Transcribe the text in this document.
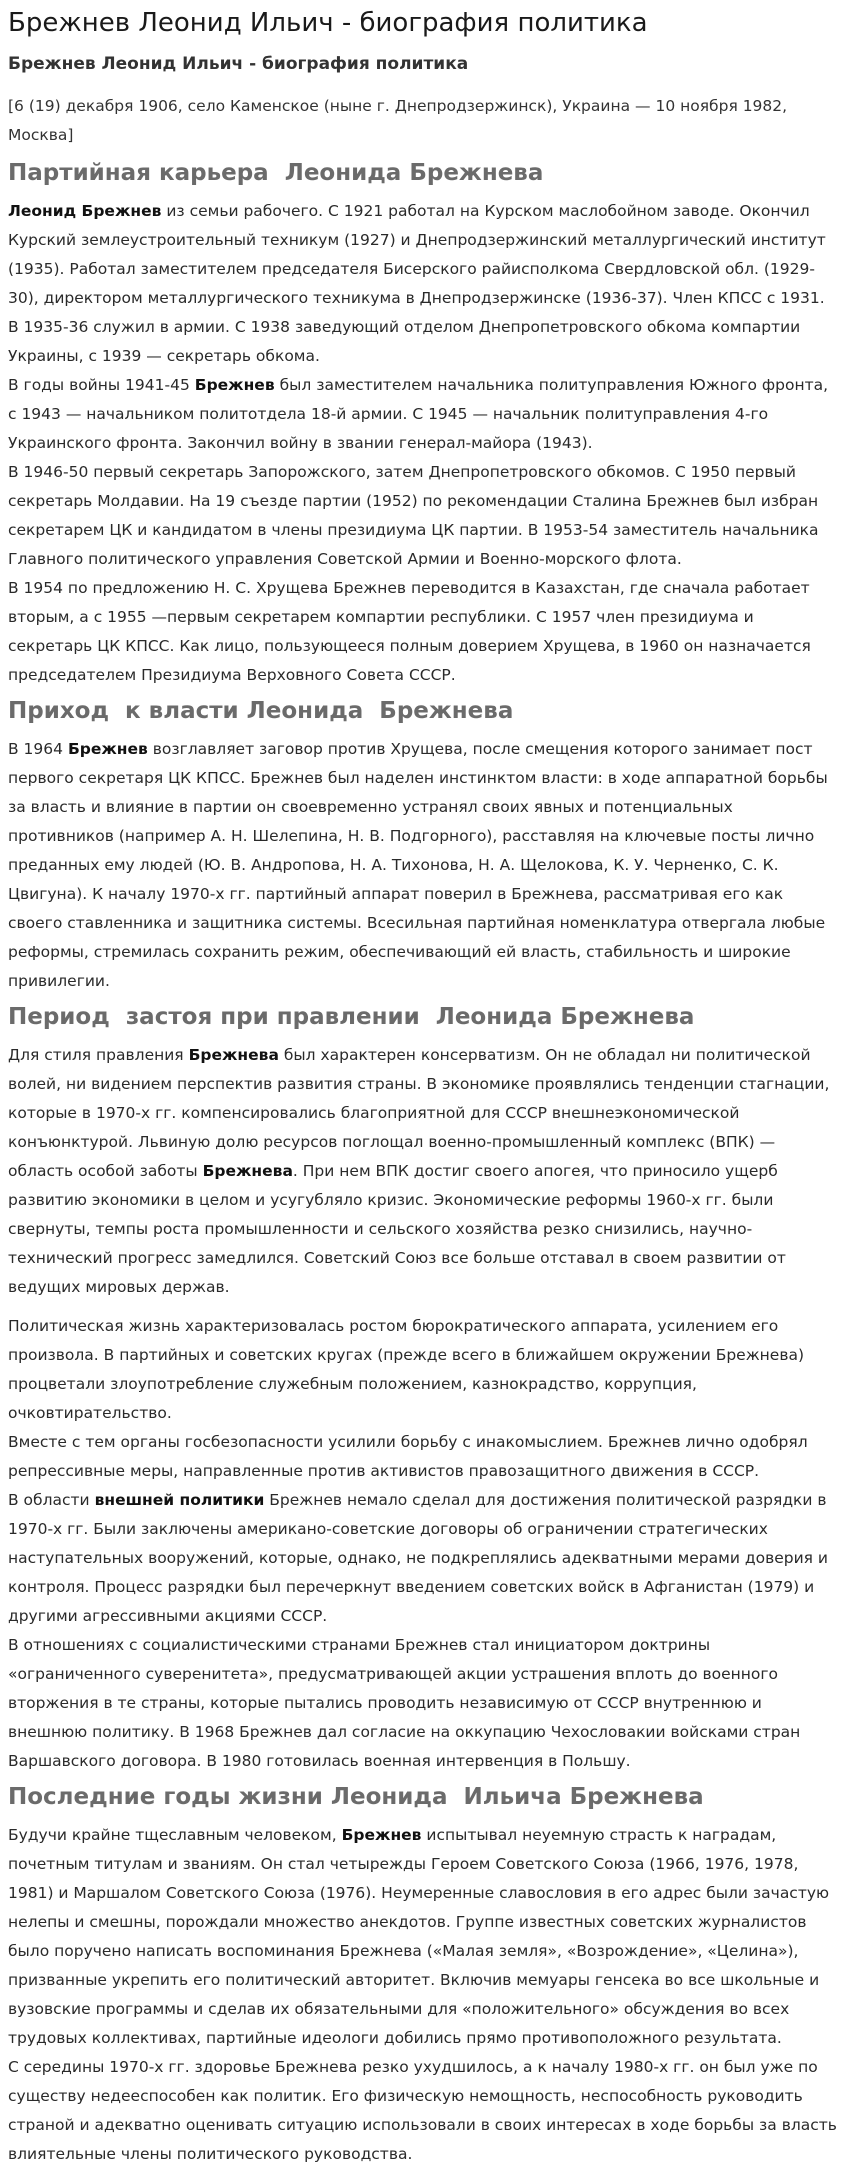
Брежнев Леонид Ильич - биография политика
Брежнев Леонид Ильич - биография политика
[6 (19) декабря 1906, село Каменское (ныне г. Днепродзержинск), Украина — 10 ноября 1982, Москва]
Партийная карьера  Леонида Брежнева
Леонид Брежнев из семьи рабочего. С 1921 работал на Курском маслобойном заводе. Окончил Курский землеустроительный техникум (1927) и Днепродзержинский металлургический институт (1935). Работал заместителем председателя Бисерского райисполкома Свердловской обл. (1929-30), директором металлургического техникума в Днепродзержинске (1936-37). Член КПСС с 1931. В 1935-36 служил в армии. С 1938 заведующий отделом Днепропетровского обкома компартии Украины, с 1939 — секретарь обкома.
В годы войны 1941-45 Брежнев был заместителем начальника политуправления Южного фронта, с 1943 — начальником политотдела 18-й армии. С 1945 — начальник политуправления 4-го Украинского фронта. Закончил войну в звании генерал-майора (1943).
В 1946-50 первый секретарь Запорожского, затем Днепропетровского обкомов. С 1950 первый секретарь Молдавии. На 19 съезде партии (1952) по рекомендации Сталина Брежнев был избран секретарем ЦК и кандидатом в члены президиума ЦК партии. В 1953-54 заместитель начальника Главного политического управления Советской Армии и Военно-морского флота.
В 1954 по предложению Н. С. Хрущева Брежнев переводится в Казахстан, где сначала работает вторым, а с 1955 —первым секретарем компартии республики. С 1957 член президиума и секретарь ЦК КПСС. Как лицо, пользующееся полным доверием Хрущева, в 1960 он назначается председателем Президиума Верховного Совета СССР.
Приход  к власти Леонида  Брежнева
В 1964 Брежнев возглавляет заговор против Хрущева, после смещения которого занимает пост первого секретаря ЦК КПСС. Брежнев был наделен инстинктом власти: в ходе аппаратной борьбы за власть и влияние в партии он своевременно устранял своих явных и потенциальных противников (например А. Н. Шелепина, Н. В. Подгорного), расставляя на ключевые посты лично преданных ему людей (Ю. В. Андропова, Н. А. Тихонова, Н. А. Щелокова, К. У. Черненко, С. К. Цвигуна). К началу 1970-х гг. партийный аппарат поверил в Брежнева, рассматривая его как своего ставленника и защитника системы. Всесильная партийная номенклатура отвергала любые реформы, стремилась сохранить режим, обеспечивающий ей власть, стабильность и широкие привилегии.
Период  застоя при правлении  Леонида Брежнева
Для стиля правления Брежнева был характерен консерватизм. Он не обладал ни политической волей, ни видением перспектив развития страны. В экономике проявлялись тенденции стагнации, которые в 1970-х гг. компенсировались благоприятной для СССР внешнеэкономической конъюнктурой. Львиную долю ресурсов поглощал военно-промышленный комплекс (ВПК) — область особой заботы Брежнева. При нем ВПК достиг своего апогея, что приносило ущерб развитию экономики в целом и усугубляло кризис. Экономические реформы 1960-х гг. были свернуты, темпы роста промышленности и сельского хозяйства резко снизились, научно-технический прогресс замедлился. Советский Союз все больше отставал в своем развитии от ведущих мировых держав.
Политическая жизнь характеризовалась ростом бюрократического аппарата, усилением его произвола. В партийных и советских кругах (прежде всего в ближайшем окружении Брежнева) процветали злоупотребление служебным положением, казнокрадство, коррупция, очковтирательство.
Вместе с тем органы госбезопасности усилили борьбу с инакомыслием. Брежнев лично одобрял репрессивные меры, направленные против активистов правозащитного движения в СССР.
В области внешней политики Брежнев немало сделал для достижения политической разрядки в 1970-х гг. Были заключены американо-советские договоры об ограничении стратегических наступательных вооружений, которые, однако, не подкреплялись адекватными мерами доверия и контроля. Процесс разрядки был перечеркнут введением советских войск в Афганистан (1979) и другими агрессивными акциями СССР.
В отношениях с социалистическими странами Брежнев стал инициатором доктрины «ограниченного суверенитета», предусматривающей акции устрашения вплоть до военного вторжения в те страны, которые пытались проводить независимую от СССР внутреннюю и внешнюю политику. В 1968 Брежнев дал согласие на оккупацию Чехословакии войсками стран Варшавского договора. В 1980 готовилась военная интервенция в Польшу.
Последние годы жизни Леонида  Ильича Брежнева
Будучи крайне тщеславным человеком, Брежнев испытывал неуемную страсть к наградам, почетным титулам и званиям. Он стал четырежды Героем Советского Союза (1966, 1976, 1978, 1981) и Маршалом Советского Союза (1976). Неумеренные славословия в его адрес были зачастую нелепы и смешны, порождали множество анекдотов. Группе известных советских журналистов было поручено написать воспоминания Брежнева («Малая земля», «Возрождение», «Целина»), призванные укрепить его политический авторитет. Включив мемуары генсека во все школьные и вузовские программы и сделав их обязательными для «положительного» обсуждения во всех трудовых коллективах, партийные идеологи добились прямо противоположного результата.
С середины 1970-х гг. здоровье Брежнева резко ухудшилось, а к началу 1980-х гг. он был уже по существу недееспособен как политик. Его физическую немощность, неспособность руководить страной и адекватно оценивать ситуацию использовали в своих интересах в ходе борьбы за власть влиятельные члены политического руководства.
